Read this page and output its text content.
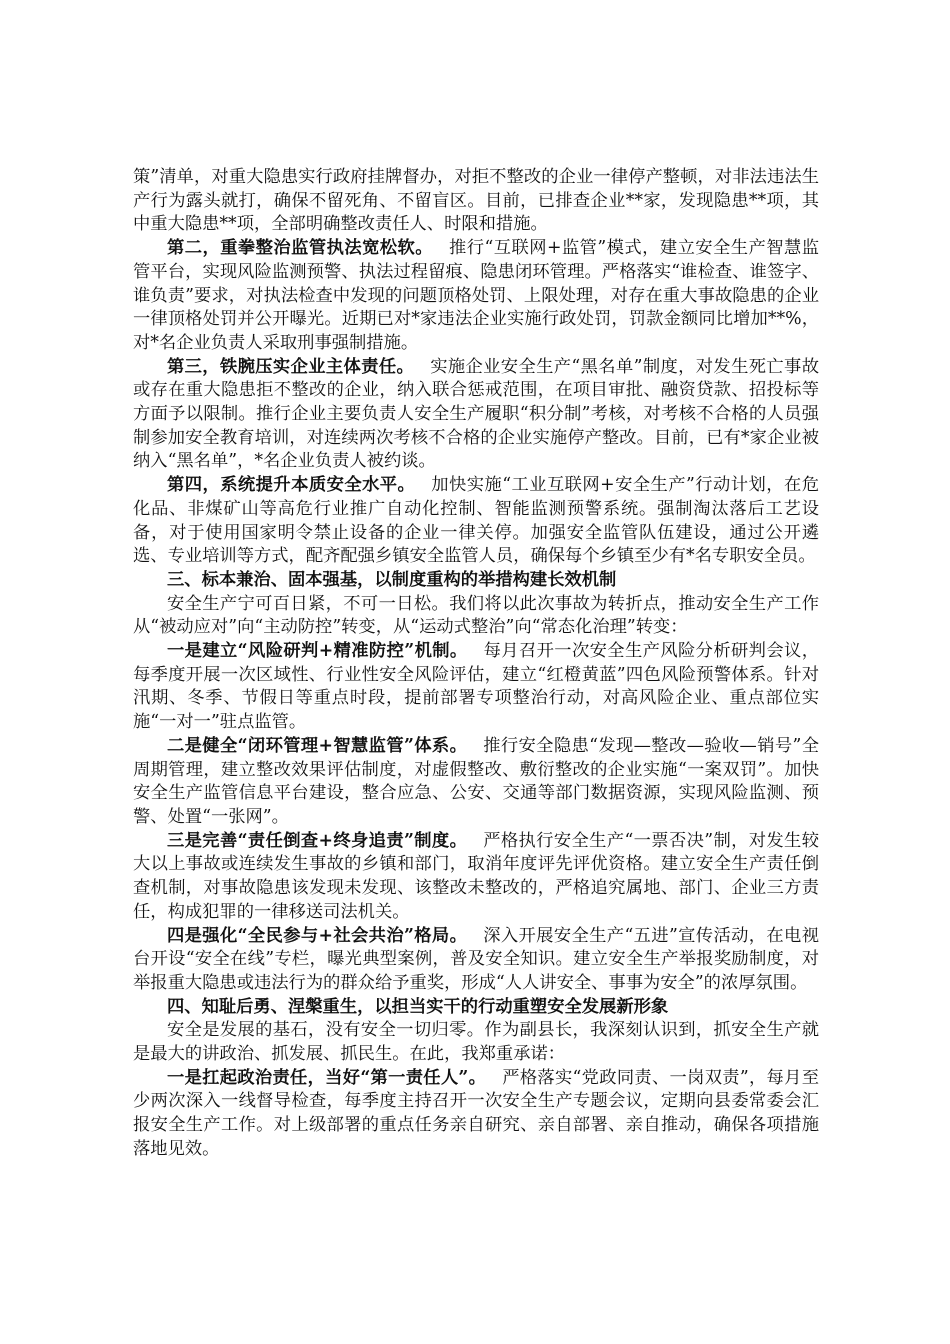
策”清单，对重大隐患实行政府挂牌督办，对拒不整改的企业一律停产整顿，对非法违法生产行为露头就打，确保不留死角、不留盲区。目前，已排查企业**家，发现隐患**项，其中重大隐患**项，全部明确整改责任人、时限和措施。

第二，重拳整治监管执法宽松软。 推行“互联网+监管”模式，建立安全生产智慧监管平台，实现风险监测预警、执法过程留痕、隐患闭环管理。严格落实“谁检查、谁签字、谁负责”要求，对执法检查中发现的问题顶格处罚、上限处理，对存在重大事故隐患的企业一律顶格处罚并公开曝光。近期已对*家违法企业实施行政处罚，罚款金额同比增加**%，对*名企业负责人采取刑事强制措施。

第三，铁腕压实企业主体责任。 实施企业安全生产“黑名单”制度，对发生死亡事故或存在重大隐患拒不整改的企业，纳入联合惩戒范围，在项目审批、融资贷款、招投标等方面予以限制。推行企业主要负责人安全生产履职“积分制”考核，对考核不合格的人员强制参加安全教育培训，对连续两次考核不合格的企业实施停产整改。目前，已有*家企业被纳入“黑名单”，*名企业负责人被约谈。

第四，系统提升本质安全水平。 加快实施“工业互联网+安全生产”行动计划，在危化品、非煤矿山等高危行业推广自动化控制、智能监测预警系统。强制淘汰落后工艺设备，对于使用国家明令禁止设备的企业一律关停。加强安全监管队伍建设，通过公开遴选、专业培训等方式，配齐配强乡镇安全监管人员，确保每个乡镇至少有*名专职安全员。

三、标本兼治、固本强基，以制度重构的举措构建长效机制

安全生产宁可百日紧，不可一日松。我们将以此次事故为转折点，推动安全生产工作从“被动应对”向“主动防控”转变，从“运动式整治”向“常态化治理”转变：

一是建立“风险研判+精准防控”机制。 每月召开一次安全生产风险分析研判会议，每季度开展一次区域性、行业性安全风险评估，建立“红橙黄蓝”四色风险预警体系。针对汛期、冬季、节假日等重点时段，提前部署专项整治行动，对高风险企业、重点部位实施“一对一”驻点监管。

二是健全“闭环管理+智慧监管”体系。 推行安全隐患“发现—整改—验收—销号”全周期管理，建立整改效果评估制度，对虚假整改、敷衍整改的企业实施“一案双罚”。加快安全生产监管信息平台建设，整合应急、公安、交通等部门数据资源，实现风险监测、预警、处置“一张网”。

三是完善“责任倒查+终身追责”制度。 严格执行安全生产“一票否决”制，对发生较大以上事故或连续发生事故的乡镇和部门，取消年度评先评优资格。建立安全生产责任倒查机制，对事故隐患该发现未发现、该整改未整改的，严格追究属地、部门、企业三方责任，构成犯罪的一律移送司法机关。

四是强化“全民参与+社会共治”格局。 深入开展安全生产“五进”宣传活动，在电视台开设“安全在线”专栏，曝光典型案例，普及安全知识。建立安全生产举报奖励制度，对举报重大隐患或违法行为的群众给予重奖，形成“人人讲安全、事事为安全”的浓厚氛围。

四、知耻后勇、涅槃重生，以担当实干的行动重塑安全发展新形象

安全是发展的基石，没有安全一切归零。作为副县长，我深刻认识到，抓安全生产就是最大的讲政治、抓发展、抓民生。在此，我郑重承诺：

一是扛起政治责任，当好“第一责任人”。 严格落实“党政同责、一岗双责”，每月至少两次深入一线督导检查，每季度主持召开一次安全生产专题会议，定期向县委常委会汇报安全生产工作。对上级部署的重点任务亲自研究、亲自部署、亲自推动，确保各项措施落地见效。
